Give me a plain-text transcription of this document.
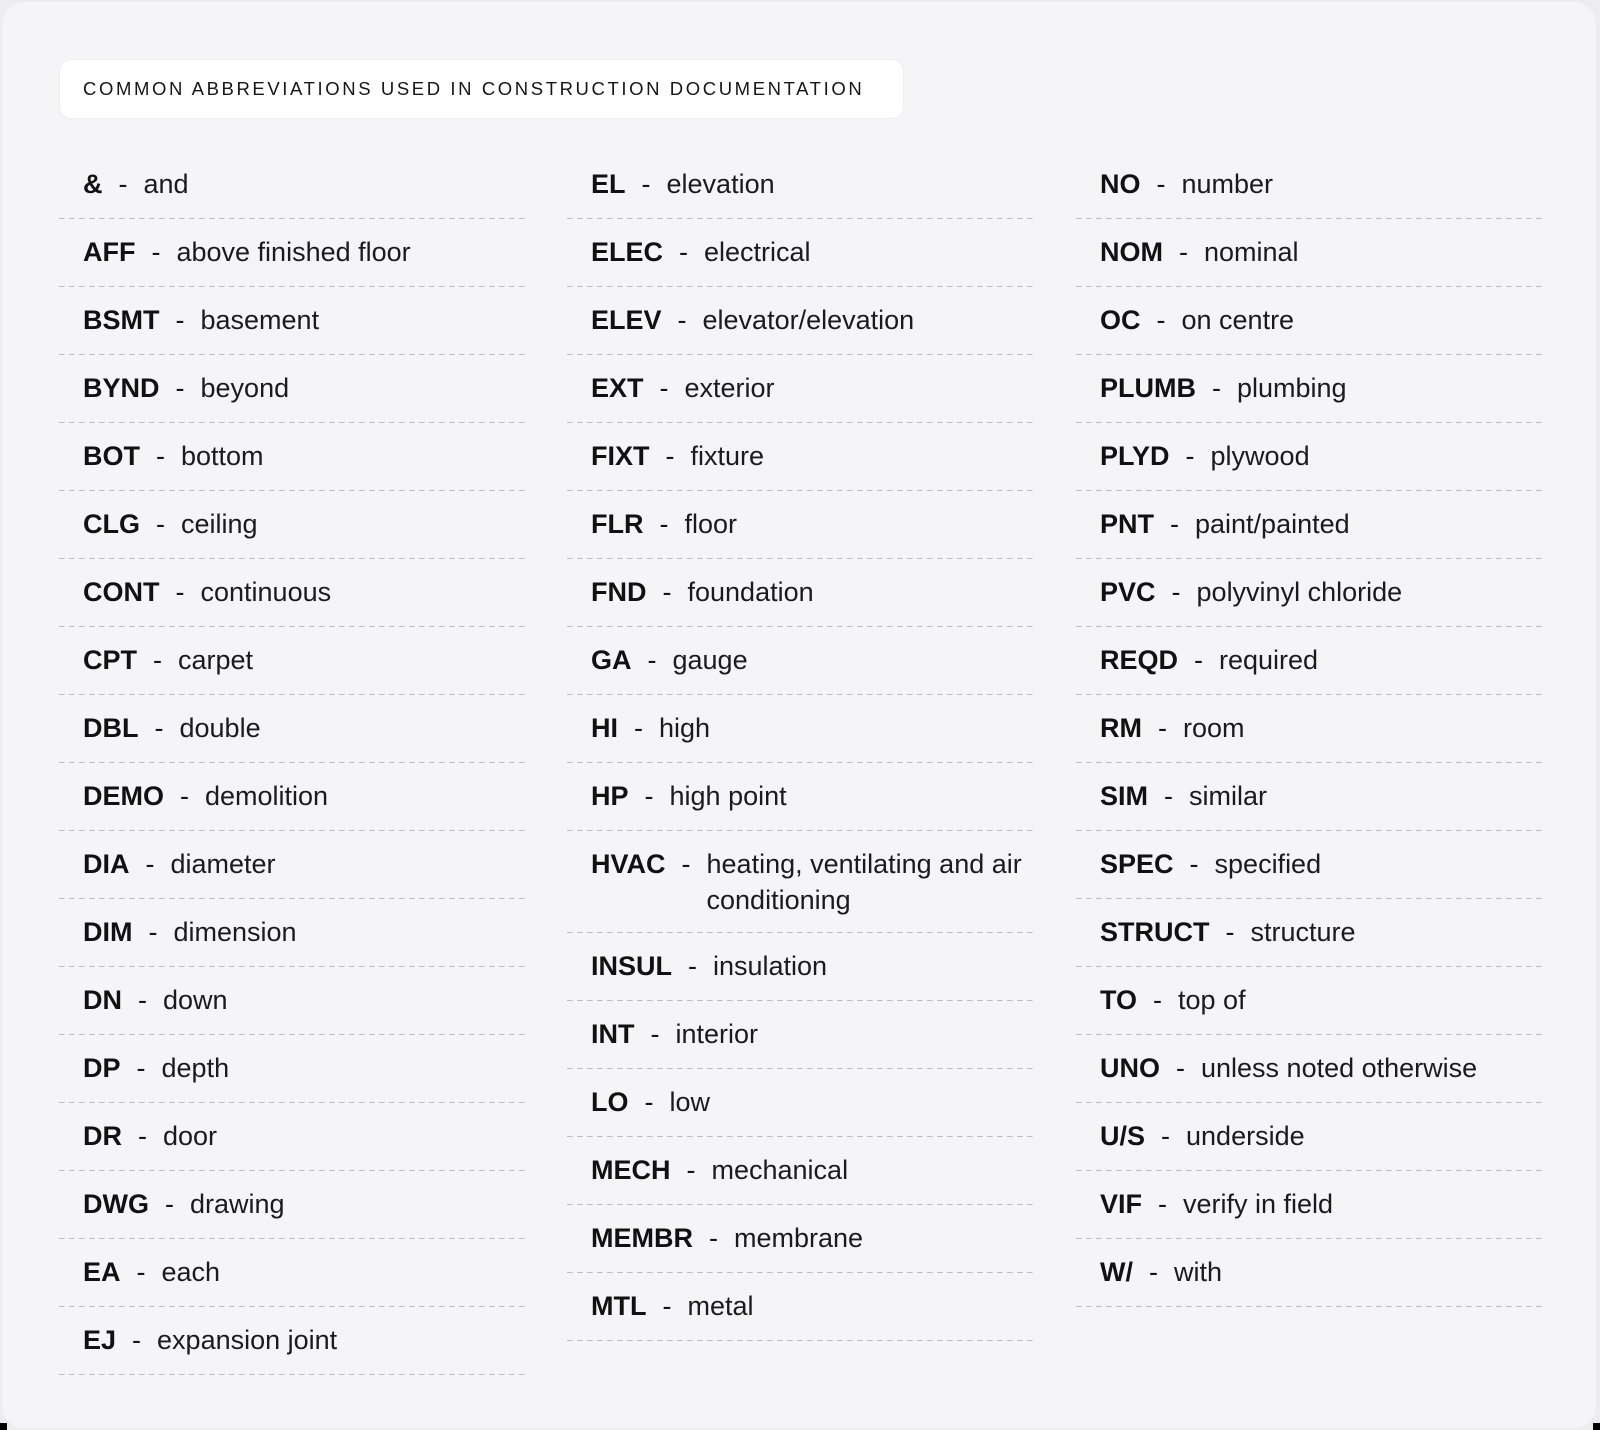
COMMON ABBREVIATIONS USED IN CONSTRUCTION DOCUMENTATION
& - and
AFF - above finished floor
BSMT - basement
BYND - beyond
BOT - bottom
CLG - ceiling
CONT - continuous
CPT - carpet
DBL - double
DEMO - demolition
DIA - diameter
DIM - dimension
DN - down
DP - depth
DR - door
DWG - drawing
EA - each
EJ - expansion joint
EL - elevation
ELEC - electrical
ELEV - elevator/elevation
EXT - exterior
FIXT - fixture
FLR - floor
FND - foundation
GA - gauge
HI - high
HP - high point
HVAC - heating, ventilating and air conditioning
INSUL - insulation
INT - interior
LO - low
MECH - mechanical
MEMBR - membrane
MTL - metal
NO - number
NOM - nominal
OC - on centre
PLUMB - plumbing
PLYD - plywood
PNT - paint/painted
PVC - polyvinyl chloride
REQD - required
RM - room
SIM - similar
SPEC - specified
STRUCT - structure
TO - top of
UNO - unless noted otherwise
U/S - underside
VIF - verify in field
W/ - with
